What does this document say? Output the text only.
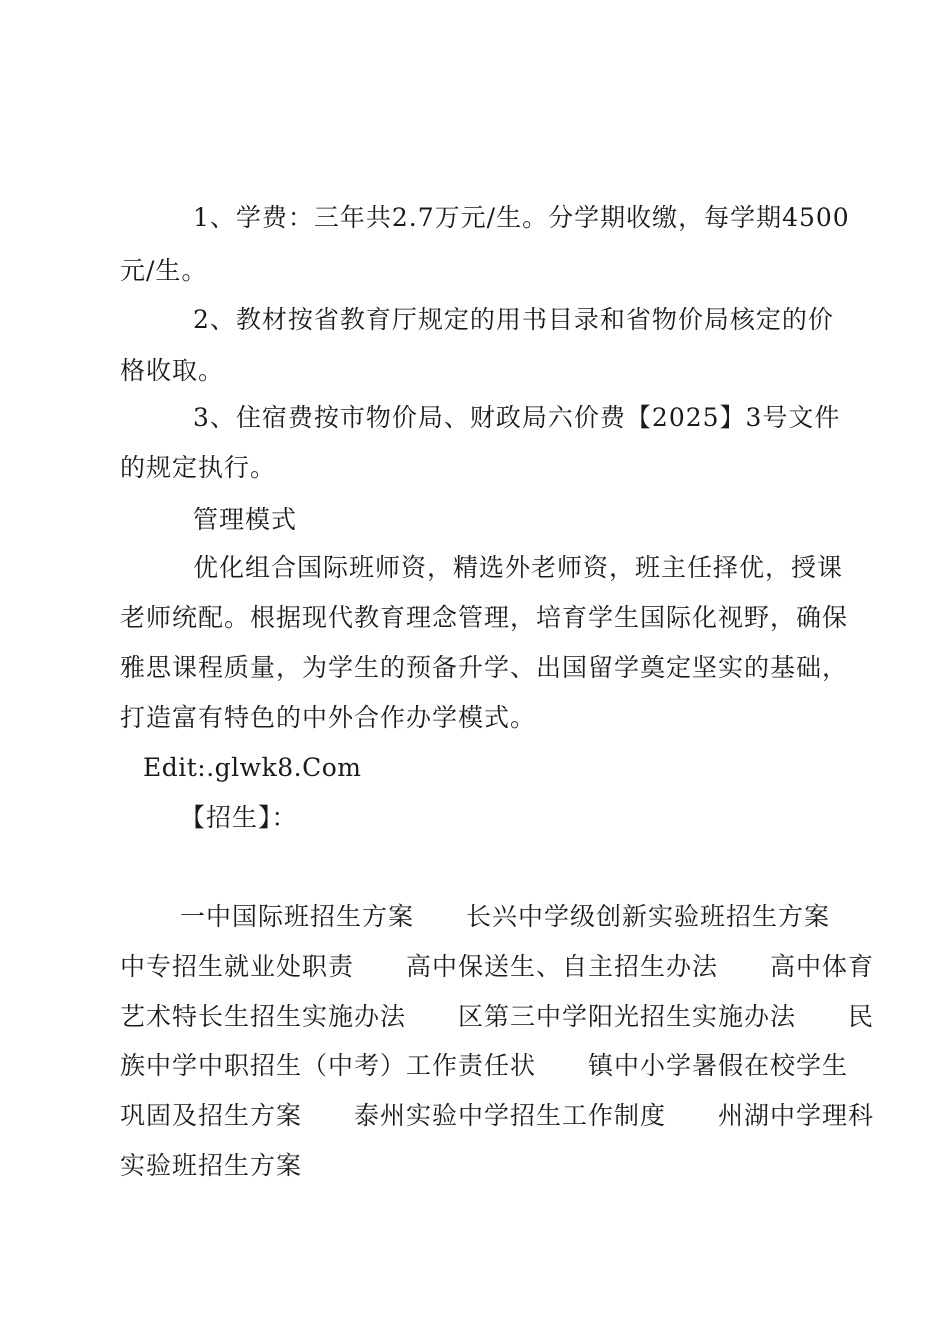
1、学费：三年共2.7万元/生。分学期收缴，每学期4500
元/生。
2、教材按省教育厅规定的用书目录和省物价局核定的价
格收取。
3、住宿费按市物价局、财政局六价费【2025】3号文件
的规定执行。
管理模式
优化组合国际班师资，精选外老师资，班主任择优，授课
老师统配。根据现代教育理念管理，培育学生国际化视野，确保
雅思课程质量，为学生的预备升学、出国留学奠定坚实的基础，
打造富有特色的中外合作办学模式。
Edit:.glwk8.Com
【招生】：
一中国际班招生方案　　长兴中学级创新实验班招生方案
中专招生就业处职责　　高中保送生、自主招生办法　　高中体育
艺术特长生招生实施办法　　区第三中学阳光招生实施办法　　民
族中学中职招生（中考）工作责任状　　镇中小学暑假在校学生
巩固及招生方案　　泰州实验中学招生工作制度　　州湖中学理科
实验班招生方案
